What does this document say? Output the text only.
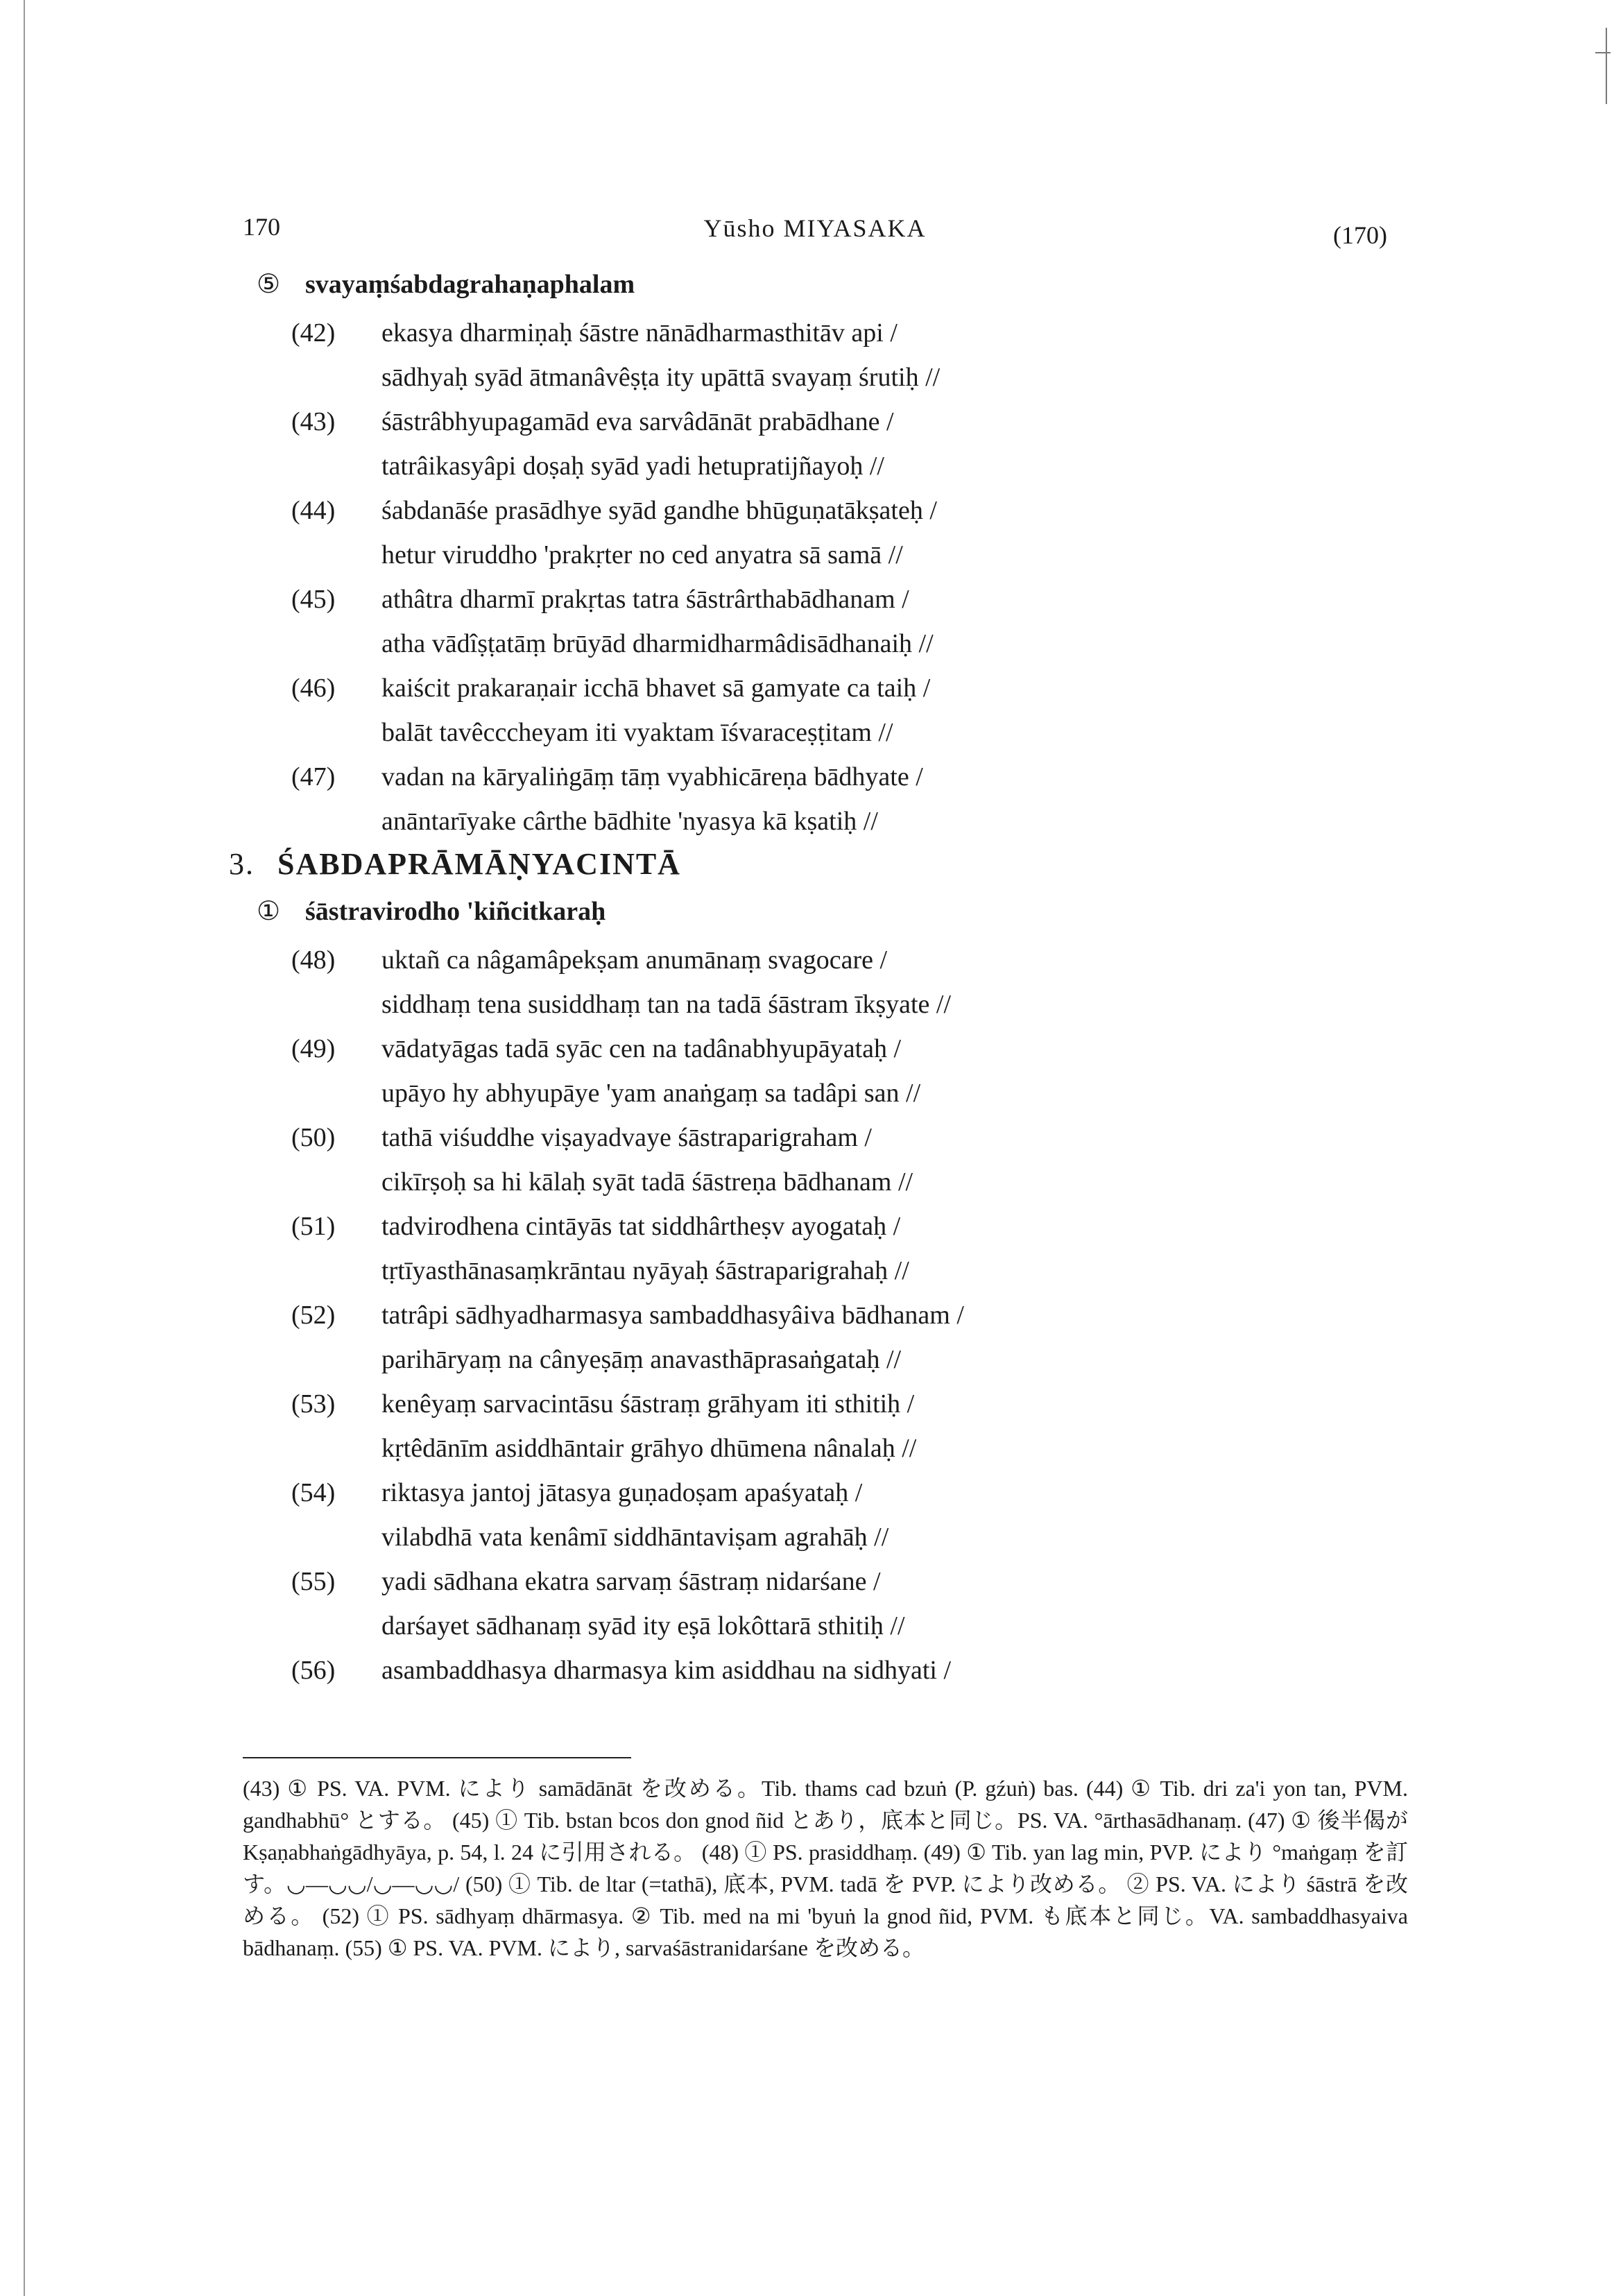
170	Yūsho MIYASAKA	(170)
⑤ svayaṃśabdagrahaṇaphalam
(42) ekasya dharmiṇaḥ śāstre nānādharmasthitāv api /
sādhyaḥ syād ātmanâvêṣṭa ity upāttā svayaṃ śrutiḥ //
(43) śāstrâbhyupagamād eva sarvâdānāt prabādhane /
tatrâikasyâpi doṣaḥ syād yadi hetupratijñayoḥ //
(44) śabdanāśe prasādhye syād gandhe bhūguṇatākṣateḥ /
hetur viruddho 'prakṛter no ced anyatra sā samā //
(45) athâtra dharmī prakṛtas tatra śāstrârthabādhanam /
atha vādîṣṭatāṃ brūyād dharmidharmâdisādhanaiḥ //
(46) kaiścit prakaraṇair icchā bhavet sā gamyate ca taiḥ /
balāt tavêcccheyam iti vyaktam īśvaraceṣṭitam //
(47) vadan na kāryaliṅgāṃ tāṃ vyabhicāreṇa bādhyate /
anāntarīyake cârthe bādhite 'nyasya kā kṣatiḥ //
3. ŚABDAPRĀMĀṆYACINTĀ
① śāstravirodho 'kiñcitkaraḥ
(48) uktañ ca nâgamâpekṣam anumānaṃ svagocare /
siddhaṃ tena susiddhaṃ tan na tadā śāstram īkṣyate //
(49) vādatyāgas tadā syāc cen na tadânabhyupāyataḥ /
upāyo hy abhyupāye 'yam anaṅgaṃ sa tadâpi san //
(50) tathā viśuddhe viṣayadvaye śāstraparigraham /
cikīrṣoḥ sa hi kālaḥ syāt tadā śāstreṇa bādhanam //
(51) tadvirodhena cintāyās tat siddhârtheṣv ayogataḥ /
tṛtīyasthānasaṃkrāntau nyāyaḥ śāstraparigrahaḥ //
(52) tatrâpi sādhyadharmasya sambaddhasyâiva bādhanam /
parihāryaṃ na cânyeṣāṃ anavasthāprasaṅgataḥ //
(53) kenêyaṃ sarvacintāsu śāstraṃ grāhyam iti sthitiḥ /
kṛtêdānīm asiddhāntair grāhyo dhūmena nânalaḥ //
(54) riktasya jantoj jātasya guṇadoṣam apaśyataḥ /
vilabdhā vata kenâmī siddhāntaviṣam agrahāḥ //
(55) yadi sādhana ekatra sarvaṃ śāstraṃ nidarśane /
darśayet sādhanaṃ syād ity eṣā lokôttarā sthitiḥ //
(56) asambaddhasya dharmasya kim asiddhau na sidhyati /
(43) ① PS. VA. PVM. により samādānāt を改める。Tib. thams cad bzuṅ (P. gźuṅ) bas. (44) ① Tib. dri za'i yon tan, PVM. gandhabhū° とする。 (45) ① Tib. bstan bcos don gnod ñid とあり，底本と同じ。PS. VA. °ārthasādhanaṃ. (47) ① 後半偈が Kṣaṇabhaṅgādhyāya, p. 54, l. 24 に引用される。 (48) ① PS. prasiddhaṃ. (49) ① Tib. yan lag min, PVP. により °maṅgaṃ を訂す。◡—◡◡/◡—◡◡/ (50) ① Tib. de ltar (=tathā), 底本, PVM. tadā を PVP. により改める。 ② PS. VA. により śāstrā を改める。 (52) ① PS. sādhyaṃ dhārmasya. ② Tib. med na mi 'byuṅ la gnod ñid, PVM. も底本と同じ。VA. sambaddhasyaiva bādhanaṃ. (55) ① PS. VA. PVM. により, sarvaśāstranidarśane を改める。
